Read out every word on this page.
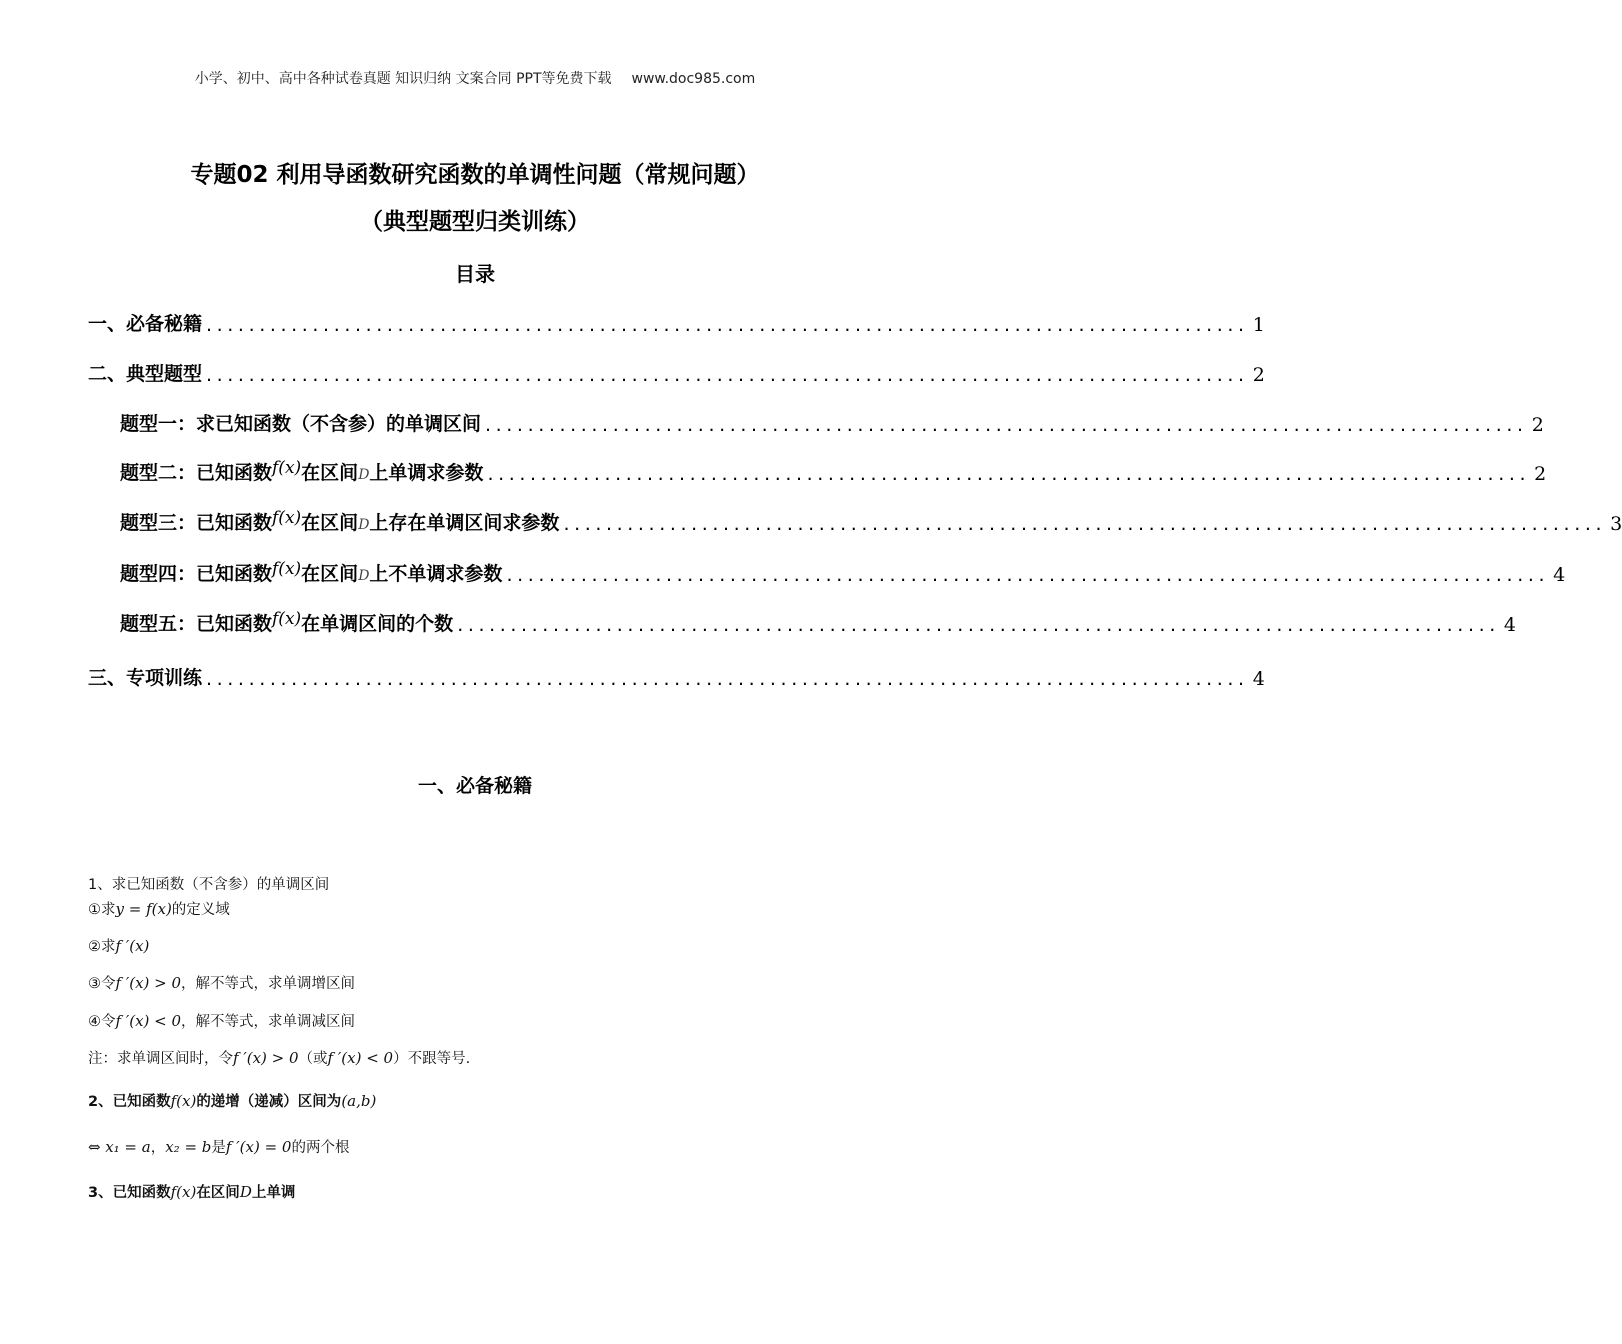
小学、初中、高中各种试卷真题 知识归纳 文案合同 PPT等免费下载 www.doc985.com
专题02 利用导函数研究函数的单调性问题（常规问题）
（典型题型归类训练）
目录
一、必备秘籍 .................................................................................................. 1
二、典型题型 .................................................................................................. 2
题型一：求已知函数（不含参）的单调区间 .................................................................................................. 2
题型二：已知函数f(x)在区间D上单调求参数 .................................................................................................. 2
题型三：已知函数f(x)在区间D上存在单调区间求参数 .................................................................................................. 3
题型四：已知函数f(x)在区间D上不单调求参数 .................................................................................................. 4
题型五：已知函数f(x)在单调区间的个数 .................................................................................................. 4
三、专项训练 .................................................................................................. 4
一、必备秘籍
1、求已知函数（不含参）的单调区间
①求y = f(x)的定义域
②求f ′(x)
③令f ′(x) > 0，解不等式，求单调增区间
④令f ′(x) < 0，解不等式，求单调减区间
注：求单调区间时，令f ′(x) > 0（或f ′(x) < 0）不跟等号.
2、已知函数f(x)的递增（递减）区间为(a,b)
⇔ x₁ = a，x₂ = b是f ′(x) = 0的两个根
3、已知函数f(x)在区间D上单调
